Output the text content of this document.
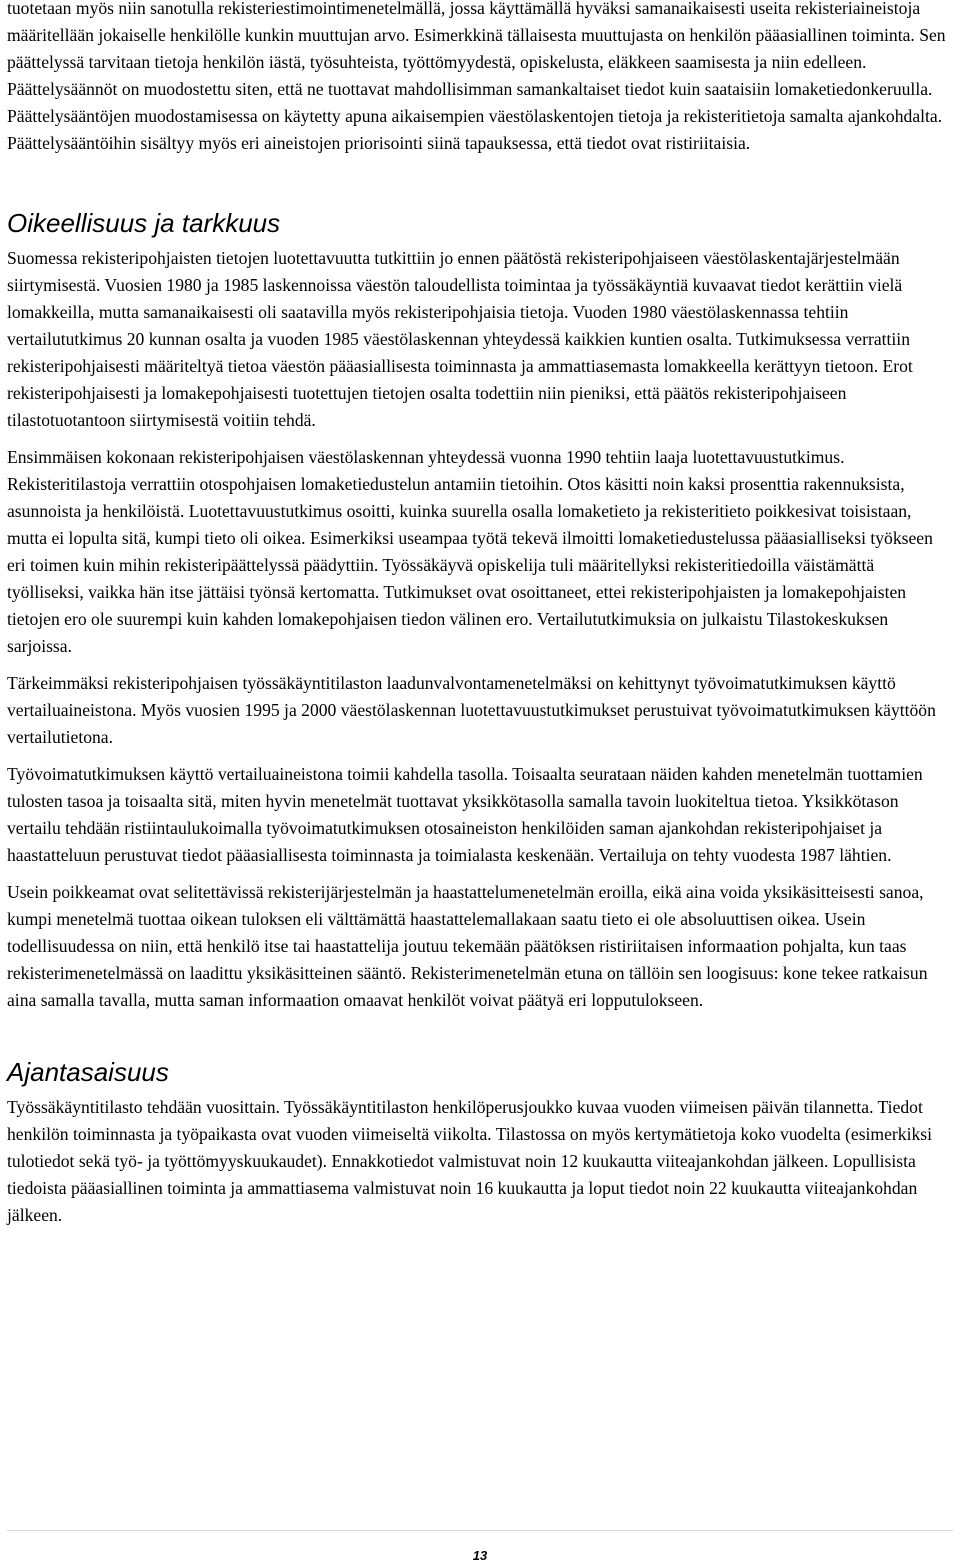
tuotetaan myös niin sanotulla rekisteriestimointimenetelmällä, jossa käyttämällä hyväksi samanaikaisesti useita rekisteriaineistoja määritellään jokaiselle henkilölle kunkin muuttujan arvo. Esimerkkinä tällaisesta muuttujasta on henkilön pääasiallinen toiminta. Sen päättelyssä tarvitaan tietoja henkilön iästä, työsuhteista, työttömyydestä, opiskelusta, eläkkeen saamisesta ja niin edelleen. Päättelysäännöt on muodostettu siten, että ne tuottavat mahdollisimman samankaltaiset tiedot kuin saataisiin lomaketiedonkeruulla. Päättelysääntöjen muodostamisessa on käytetty apuna aikaisempien väestölaskentojen tietoja ja rekisteritietoja samalta ajankohdalta. Päättelysääntöihin sisältyy myös eri aineistojen priorisointi siinä tapauksessa, että tiedot ovat ristiriitaisia.

Oikeellisuus ja tarkkuus

Suomessa rekisteripohjaisten tietojen luotettavuutta tutkittiin jo ennen päätöstä rekisteripohjaiseen väestölaskentajärjestelmään siirtymisestä. Vuosien 1980 ja 1985 laskennoissa väestön taloudellista toimintaa ja työssäkäyntiä kuvaavat tiedot kerättiin vielä lomakkeilla, mutta samanaikaisesti oli saatavilla myös rekisteripohjaisia tietoja. Vuoden 1980 väestölaskennassa tehtiin vertailututkimus 20 kunnan osalta ja vuoden 1985 väestölaskennan yhteydessä kaikkien kuntien osalta. Tutkimuksessa verrattiin rekisteripohjaisesti määriteltyä tietoa väestön pääasiallisesta toiminnasta ja ammattiasemasta lomakkeella kerättyyn tietoon. Erot rekisteripohjaisesti ja lomakepohjaisesti tuotettujen tietojen osalta todettiin niin pieniksi, että päätös rekisteripohjaiseen tilastotuotantoon siirtymisestä voitiin tehdä.

Ensimmäisen kokonaan rekisteripohjaisen väestölaskennan yhteydessä vuonna 1990 tehtiin laaja luotettavuustutkimus. Rekisteritilastoja verrattiin otospohjaisen lomaketiedustelun antamiin tietoihin. Otos käsitti noin kaksi prosenttia rakennuksista, asunnoista ja henkilöistä. Luotettavuustutkimus osoitti, kuinka suurella osalla lomaketieto ja rekisteritieto poikkesivat toisistaan, mutta ei lopulta sitä, kumpi tieto oli oikea. Esimerkiksi useampaa työtä tekevä ilmoitti lomaketiedustelussa pääasialliseksi työkseen eri toimen kuin mihin rekisteripäättelyssä päädyttiin. Työssäkäyvä opiskelija tuli määritellyksi rekisteritiedoilla väistämättä työlliseksi, vaikka hän itse jättäisi työnsä kertomatta. Tutkimukset ovat osoittaneet, ettei rekisteripohjaisten ja lomakepohjaisten tietojen ero ole suurempi kuin kahden lomakepohjaisen tiedon välinen ero. Vertailututkimuksia on julkaistu Tilastokeskuksen sarjoissa.

Tärkeimmäksi rekisteripohjaisen työssäkäyntitilaston laadunvalvontamenetelmäksi on kehittynyt työvoimatutkimuksen käyttö vertailuaineistona. Myös vuosien 1995 ja 2000 väestölaskennan luotettavuustutkimukset perustuivat työvoimatutkimuksen käyttöön vertailutietona.

Työvoimatutkimuksen käyttö vertailuaineistona toimii kahdella tasolla. Toisaalta seurataan näiden kahden menetelmän tuottamien tulosten tasoa ja toisaalta sitä, miten hyvin menetelmät tuottavat yksikkötasolla samalla tavoin luokiteltua tietoa. Yksikkötason vertailu tehdään ristiintaulukoimalla työvoimatutkimuksen otosaineiston henkilöiden saman ajankohdan rekisteripohjaiset ja haastatteluun perustuvat tiedot pääasiallisesta toiminnasta ja toimialasta keskenään. Vertailuja on tehty vuodesta 1987 lähtien.

Usein poikkeamat ovat selitettävissä rekisterijärjestelmän ja haastattelumenetelmän eroilla, eikä aina voida yksikäsitteisesti sanoa, kumpi menetelmä tuottaa oikean tuloksen eli välttämättä haastattelemallakaan saatu tieto ei ole absoluuttisen oikea. Usein todellisuudessa on niin, että henkilö itse tai haastattelija joutuu tekemään päätöksen ristiriitaisen informaation pohjalta, kun taas rekisterimenetelmässä on laadittu yksikäsitteinen sääntö. Rekisterimenetelmän etuna on tällöin sen loogisuus: kone tekee ratkaisun aina samalla tavalla, mutta saman informaation omaavat henkilöt voivat päätyä eri lopputulokseen.

Ajantasaisuus

Työssäkäyntitilasto tehdään vuosittain. Työssäkäyntitilaston henkilöperusjoukko kuvaa vuoden viimeisen päivän tilannetta. Tiedot henkilön toiminnasta ja työpaikasta ovat vuoden viimeiseltä viikolta. Tilastossa on myös kertymätietoja koko vuodelta (esimerkiksi tulotiedot sekä työ- ja työttömyyskuukaudet). Ennakkotiedot valmistuvat noin 12 kuukautta viiteajankohdan jälkeen. Lopullisista tiedoista pääasiallinen toiminta ja ammattiasema valmistuvat noin 16 kuukautta ja loput tiedot noin 22 kuukautta viiteajankohdan jälkeen.

13
